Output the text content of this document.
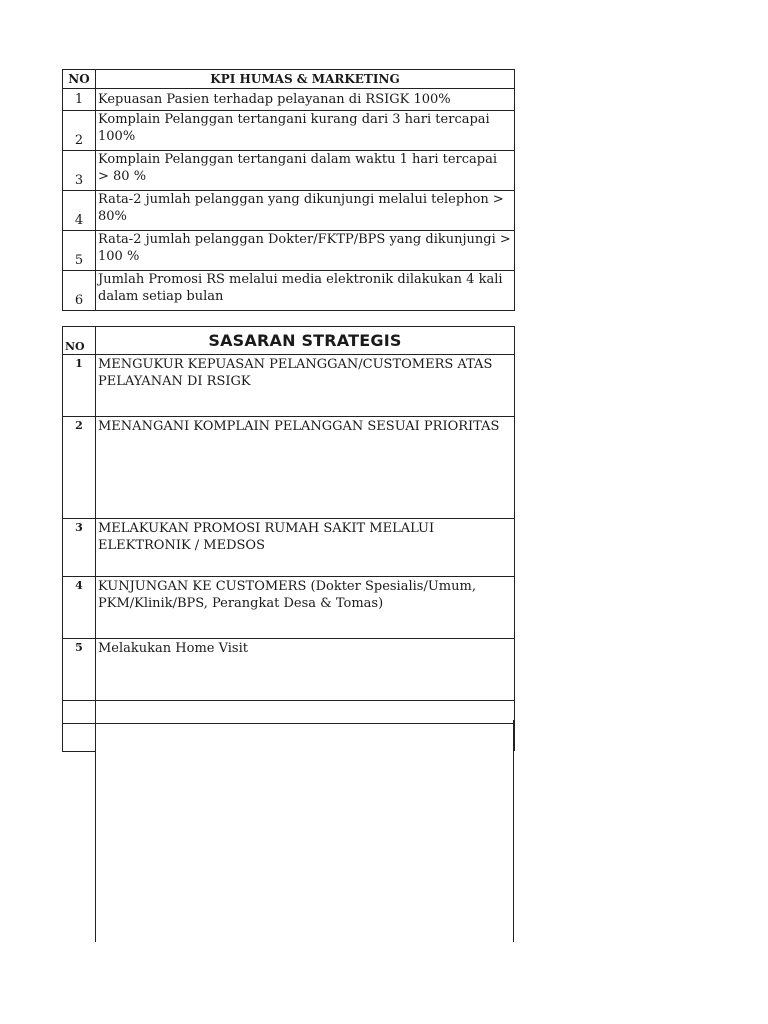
NO	KPI HUMAS & MARKETING
1	Kepuasan Pasien terhadap pelayanan di RSIGK 100%
2	Komplain Pelanggan tertangani kurang dari 3 hari tercapai 100%
3	Komplain Pelanggan tertangani dalam waktu 1 hari tercapai > 80 %
4	Rata-2 jumlah pelanggan yang dikunjungi melalui telephon > 80%
5	Rata-2 jumlah pelanggan Dokter/FKTP/BPS yang dikunjungi > 100 %
6	Jumlah Promosi RS melalui media elektronik dilakukan 4 kali dalam setiap bulan
NO	SASARAN STRATEGIS
1	MENGUKUR KEPUASAN PELANGGAN/CUSTOMERS ATAS PELAYANAN DI RSIGK
2	MENANGANI KOMPLAIN PELANGGAN SESUAI PRIORITAS
3	MELAKUKAN PROMOSI RUMAH SAKIT MELALUI ELEKTRONIK / MEDSOS
4	KUNJUNGAN KE CUSTOMERS (Dokter Spesialis/Umum, PKM/Klinik/BPS, Perangkat Desa & Tomas)
5	Melakukan Home Visit
